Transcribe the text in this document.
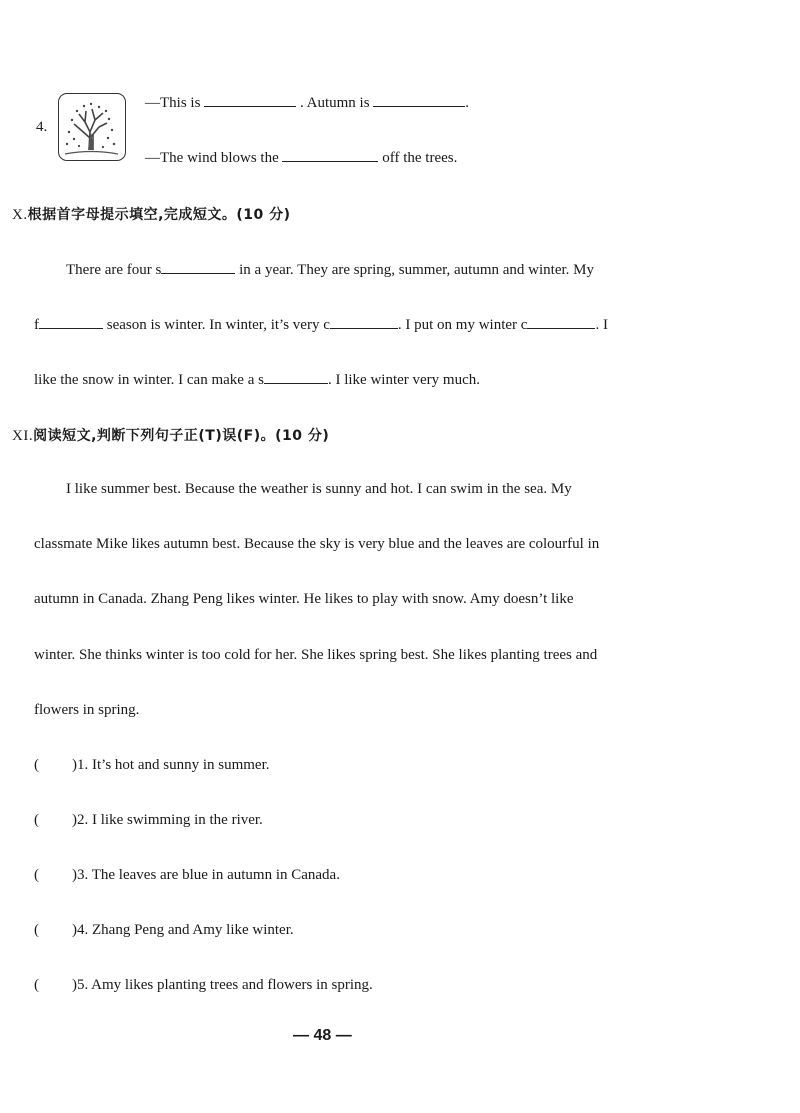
4.
—This is	. Autumn is	.
—The wind blows the	off the trees.
X.根据首字母提示填空,完成短文。(10 分)
There are four s	in a year. They are spring, summer, autumn and winter. My
f	season is winter. In winter, it’s very c	. I put on my winter c	. I
like the snow in winter. I can make a s	. I like winter very much.
XI.阅读短文,判断下列句子正(T)误(F)。(10 分)
I like summer best. Because the weather is sunny and hot. I can swim in the sea. My
classmate Mike likes autumn best. Because the sky is very blue and the leaves are colourful in
autumn in Canada. Zhang Peng likes winter. He likes to play with snow. Amy doesn’t like
winter. She thinks winter is too cold for her. She likes spring best. She likes planting trees and
flowers in spring.
( )1. It’s hot and sunny in summer.
( )2. I like swimming in the river.
( )3. The leaves are blue in autumn in Canada.
( )4. Zhang Peng and Amy like winter.
( )5. Amy likes planting trees and flowers in spring.
— 48 —
